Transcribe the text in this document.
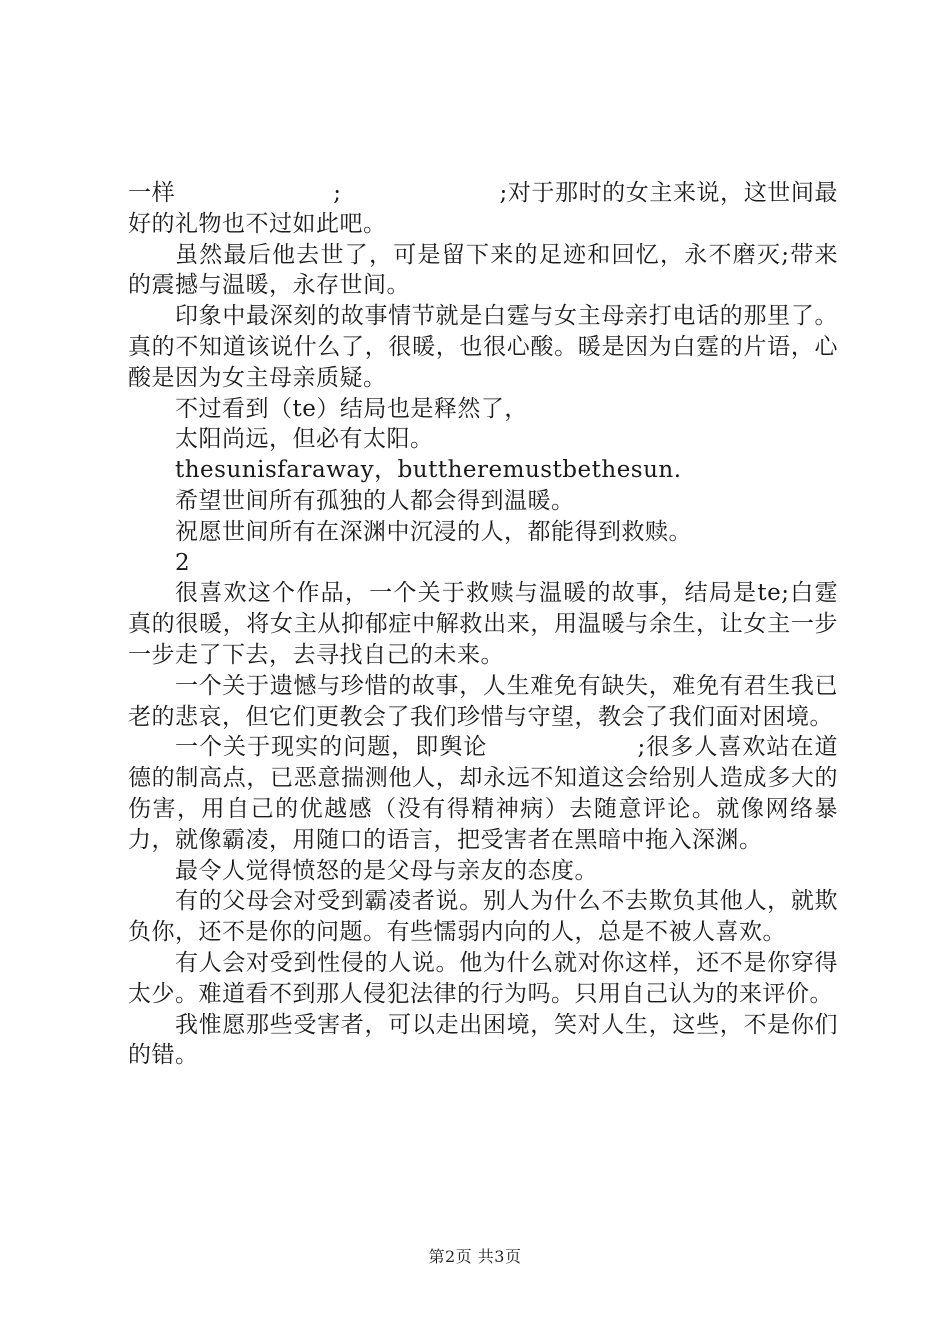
一样                    ;                    ;对于那时的女主来说，这世间最好的礼物也不过如此吧。

虽然最后他去世了，可是留下来的足迹和回忆，永不磨灭;带来的震撼与温暖，永存世间。

印象中最深刻的故事情节就是白霆与女主母亲打电话的那里了。真的不知道该说什么了，很暖，也很心酸。暖是因为白霆的片语，心酸是因为女主母亲质疑。

不过看到（te）结局也是释然了，

太阳尚远，但必有太阳。

thesunisfaraway，buttheremustbethesun.

希望世间所有孤独的人都会得到温暖。

祝愿世间所有在深渊中沉浸的人，都能得到救赎。

2

很喜欢这个作品，一个关于救赎与温暖的故事，结局是te;白霆真的很暖，将女主从抑郁症中解救出来，用温暖与余生，让女主一步一步走了下去，去寻找自己的未来。

一个关于遗憾与珍惜的故事，人生难免有缺失，难免有君生我已老的悲哀，但它们更教会了我们珍惜与守望，教会了我们面对困境。

一个关于现实的问题，即舆论                  ;很多人喜欢站在道德的制高点，已恶意揣测他人，却永远不知道这会给别人造成多大的伤害，用自己的优越感（没有得精神病）去随意评论。就像网络暴力，就像霸凌，用随口的语言，把受害者在黑暗中拖入深渊。

最令人觉得愤怒的是父母与亲友的态度。

有的父母会对受到霸凌者说。别人为什么不去欺负其他人，就欺负你，还不是你的问题。有些懦弱内向的人，总是不被人喜欢。

有人会对受到性侵的人说。他为什么就对你这样，还不是你穿得太少。难道看不到那人侵犯法律的行为吗。只用自己认为的来评价。

我惟愿那些受害者，可以走出困境，笑对人生，这些，不是你们的错。

第2页 共3页
